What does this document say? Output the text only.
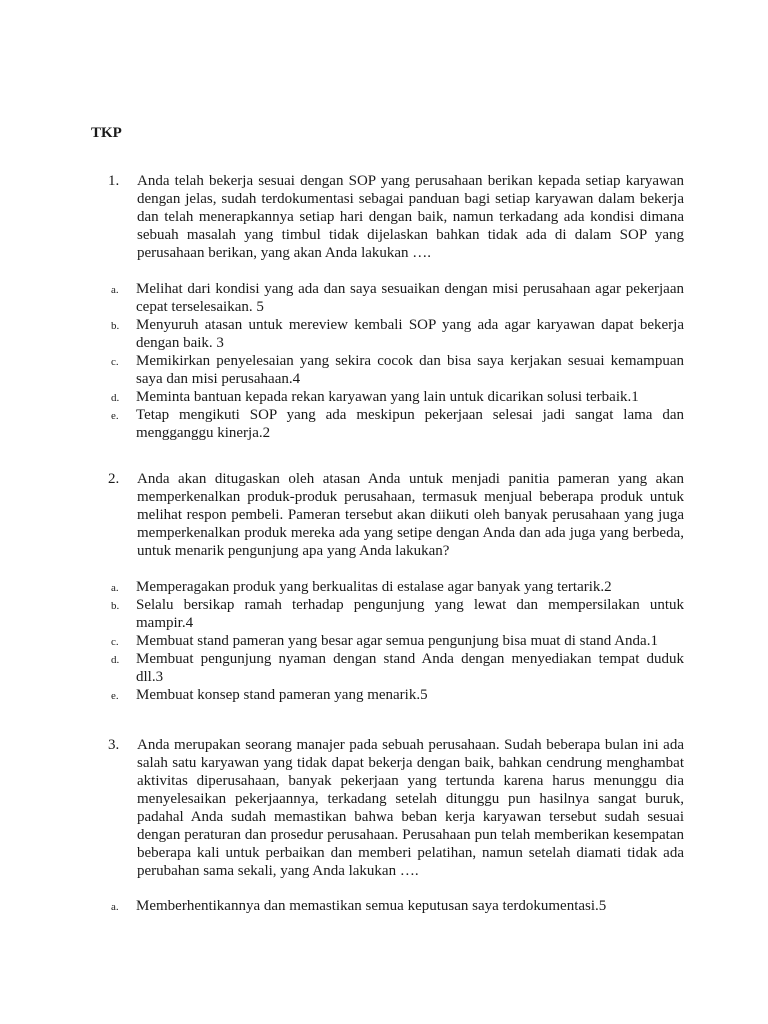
TKP
1.	Anda telah bekerja sesuai dengan SOP yang perusahaan berikan kepada setiap karyawan dengan jelas, sudah terdokumentasi sebagai panduan bagi setiap karyawan dalam bekerja dan telah menerapkannya setiap hari dengan baik, namun terkadang ada kondisi dimana sebuah masalah yang timbul tidak dijelaskan bahkan tidak ada di dalam SOP yang perusahaan berikan, yang akan Anda lakukan ….
a.	Melihat dari kondisi yang ada dan saya sesuaikan dengan misi perusahaan agar pekerjaan cepat terselesaikan. 5
b.	Menyuruh atasan untuk mereview kembali SOP yang ada agar karyawan dapat bekerja dengan baik. 3
c.	Memikirkan penyelesaian yang sekira cocok dan bisa saya kerjakan sesuai kemampuan saya dan misi perusahaan.4
d.	Meminta bantuan kepada rekan karyawan yang lain untuk dicarikan solusi terbaik.1
e.	Tetap mengikuti SOP yang ada meskipun pekerjaan selesai jadi sangat lama dan mengganggu kinerja.2
2.	Anda akan ditugaskan oleh atasan Anda untuk menjadi panitia pameran yang akan memperkenalkan produk-produk perusahaan, termasuk menjual beberapa produk untuk melihat respon pembeli. Pameran tersebut akan diikuti oleh banyak perusahaan yang juga memperkenalkan produk mereka ada yang setipe dengan Anda dan ada juga yang berbeda, untuk menarik pengunjung apa yang Anda lakukan?
a.	Memperagakan produk yang berkualitas di estalase agar banyak yang tertarik.2
b.	Selalu bersikap ramah terhadap pengunjung yang lewat dan mempersilakan untuk mampir.4
c.	Membuat stand pameran yang besar agar semua pengunjung bisa muat di stand Anda.1
d.	Membuat pengunjung nyaman dengan stand Anda dengan menyediakan tempat duduk dll.3
e.	Membuat konsep stand pameran yang menarik.5
3.	Anda merupakan seorang manajer pada sebuah perusahaan. Sudah beberapa bulan ini ada salah satu karyawan yang tidak dapat bekerja dengan baik, bahkan cendrung menghambat aktivitas diperusahaan, banyak pekerjaan yang tertunda karena harus menunggu dia menyelesaikan pekerjaannya, terkadang setelah ditunggu pun hasilnya sangat buruk, padahal Anda sudah memastikan bahwa beban kerja karyawan tersebut sudah sesuai dengan peraturan dan prosedur perusahaan. Perusahaan pun telah memberikan kesempatan beberapa kali untuk perbaikan dan memberi pelatihan, namun setelah diamati tidak ada perubahan sama sekali, yang Anda lakukan ….
a.	Memberhentikannya dan memastikan semua keputusan saya terdokumentasi.5
